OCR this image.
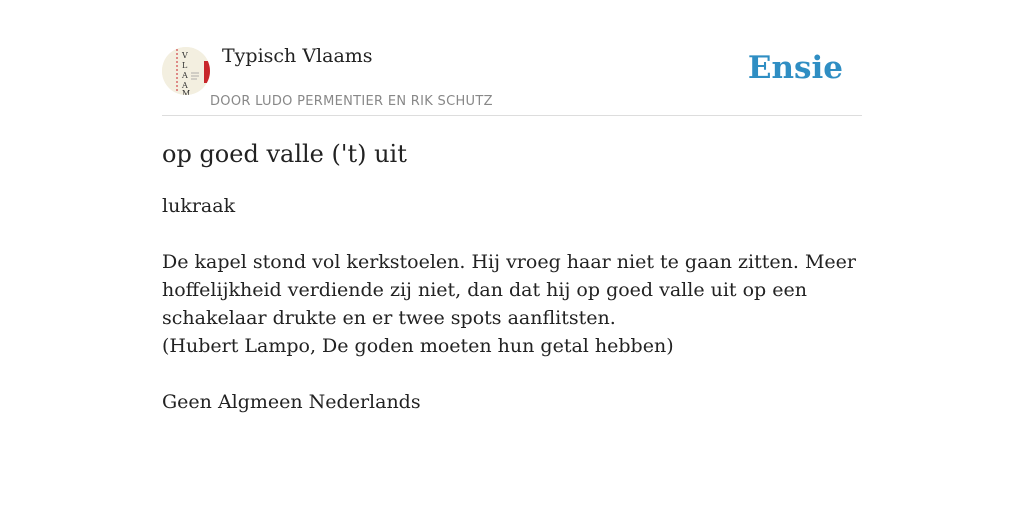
V
L
A
A
M
Typisch Vlaams
DOOR LUDO PERMENTIER EN RIK SCHUTZ
Ensie
op goed valle ('t) uit

lukraak

De kapel stond vol kerkstoelen. Hij vroeg haar niet te gaan zitten. Meer hoffelijkheid verdiende zij niet, dan dat hij op goed valle uit op een schakelaar drukte en er twee spots aanflitsten.

(Hubert Lampo, De goden moeten hun getal hebben)

Geen Algmeen Nederlands
